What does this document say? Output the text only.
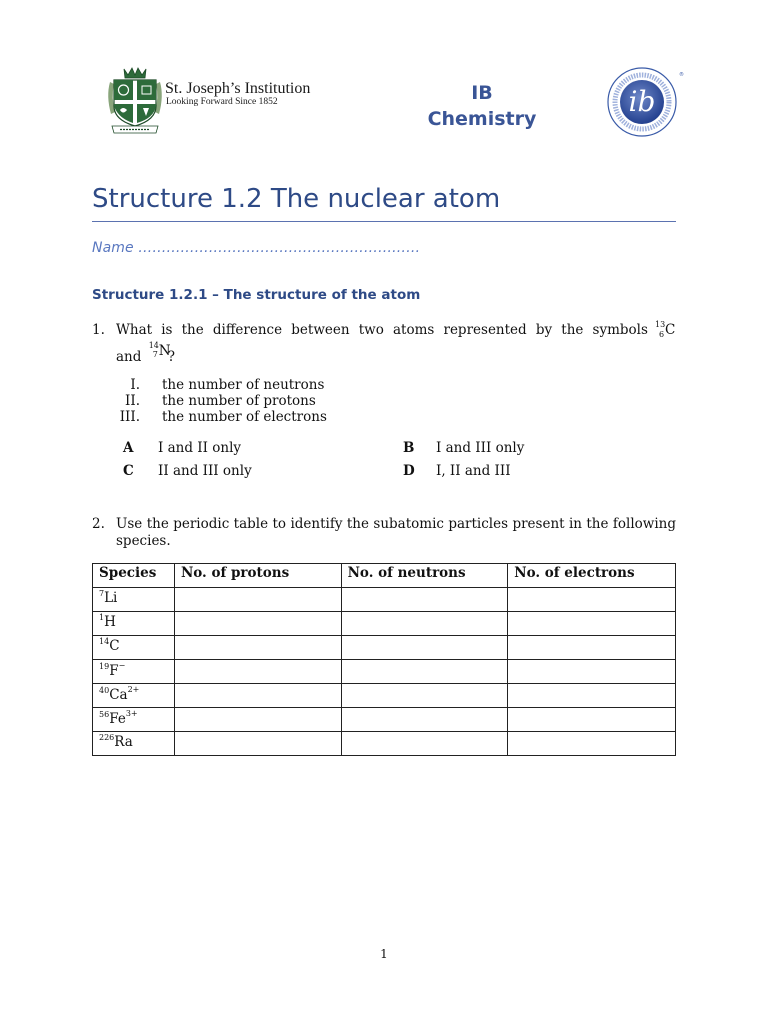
St. Joseph’s Institution
Looking Forward Since 1852	IB
Chemistry
ib
®
Structure 1.2 The nuclear atom
Name ……………………………………………………
Structure 1.2.1 – The structure of the atom
1. What is the difference between two atoms represented by the symbols 13
6 C
and
14
7 N
?
I. the number of neutrons
II. the number of protons
III. the number of electrons
A I and II only	B I and III only
C II and III only	D I, II and III
2. Use the periodic table to identify the subatomic particles present in the following species.
Species	No. of protons	No. of neutrons	No. of electrons
$^7$Li			
$^1$H			
$^{14}$C			
$^{19}$F−			
$^{40}Ca^{2+}$			
$^{56}Fe^{3+}$			
$^{226}$Ra			
1
